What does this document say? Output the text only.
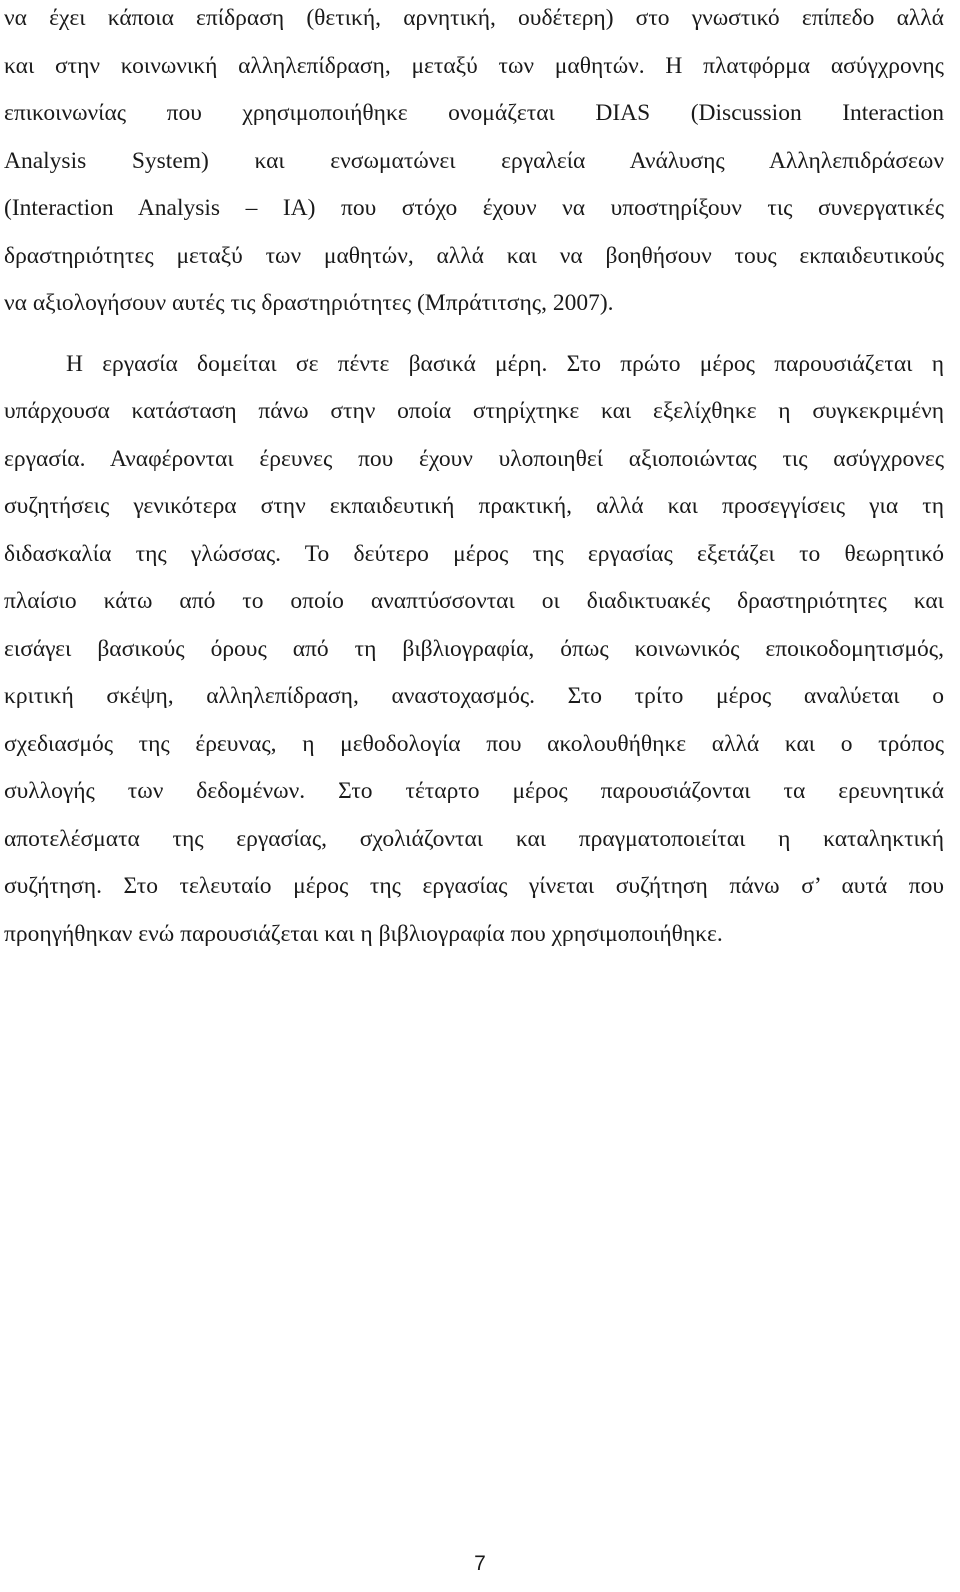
να έχει κάποια επίδραση (θετική, αρνητική, ουδέτερη) στο γνωστικό επίπεδο αλλά
και στην κοινωνική αλληλεπίδραση, μεταξύ των μαθητών. Η πλατφόρμα ασύγχρονης
επικοινωνίας που χρησιμοποιήθηκε ονομάζεται DIAS (Discussion Interaction
Analysis System) και ενσωματώνει εργαλεία Ανάλυσης Αλληλεπιδράσεων
(Interaction Analysis – IA) που στόχο έχουν να υποστηρίξουν τις συνεργατικές
δραστηριότητες μεταξύ των μαθητών, αλλά και να βοηθήσουν τους εκπαιδευτικούς
να αξιολογήσουν αυτές τις δραστηριότητες (Μπράτιτσης, 2007).
Η εργασία δομείται σε πέντε βασικά μέρη. Στο πρώτο μέρος παρουσιάζεται η
υπάρχουσα κατάσταση πάνω στην οποία στηρίχτηκε και εξελίχθηκε η συγκεκριμένη
εργασία. Αναφέρονται έρευνες που έχουν υλοποιηθεί αξιοποιώντας τις ασύγχρονες
συζητήσεις γενικότερα στην εκπαιδευτική πρακτική, αλλά και προσεγγίσεις για τη
διδασκαλία της γλώσσας. Το δεύτερο μέρος της εργασίας εξετάζει το θεωρητικό
πλαίσιο κάτω από το οποίο αναπτύσσονται οι διαδικτυακές δραστηριότητες και
εισάγει βασικούς όρους από τη βιβλιογραφία, όπως κοινωνικός εποικοδομητισμός,
κριτική σκέψη, αλληλεπίδραση, αναστοχασμός. Στο τρίτο μέρος αναλύεται ο
σχεδιασμός της έρευνας, η μεθοδολογία που ακολουθήθηκε αλλά και ο τρόπος
συλλογής των δεδομένων. Στο τέταρτο μέρος παρουσιάζονται τα ερευνητικά
αποτελέσματα της εργασίας, σχολιάζονται και πραγματοποιείται η καταληκτική
συζήτηση. Στο τελευταίο μέρος της εργασίας γίνεται συζήτηση πάνω σ’ αυτά που
προηγήθηκαν ενώ παρουσιάζεται και η βιβλιογραφία που χρησιμοποιήθηκε.
7
